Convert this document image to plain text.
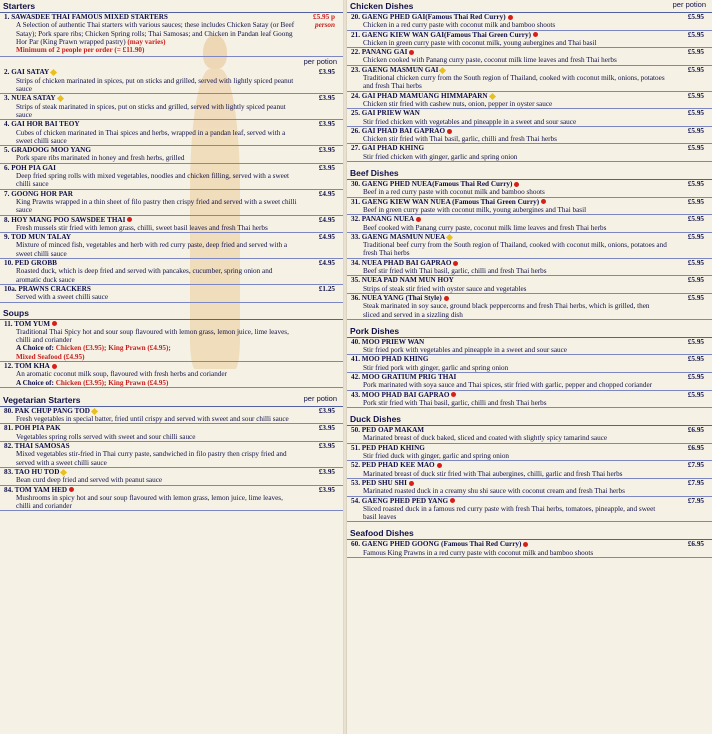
Starters
1. SAWASDEE THAI FAMOUS MIXED STARTERS
A Selection of authentic Thai starters with various sauces; these includes Chicken Satay (or Beef Satay); Pork spare ribs; Chicken Spring rolls; Thai Samosas; and Chicken in Pandan leaf Goong Hor Par (King Prawn wrapped pastry) (may varies)
Minimum of 2 people per order (= £11.90)
£5.95 p
person
per potion
2. GAI SATAY
Strips of chicken marinated in spices, put on sticks and grilled, served with lightly spiced peanut sauce
£3.95
3. NUEA SATAY
Strips of steak marinated in spices, put on sticks and grilled, served with lightly spiced peanut sauce
£3.95
4. GAI HOR BAI TEOY
Cubes of chicken marinated in Thai spices and herbs, wrapped in a pandan leaf, served with a sweet chilli sauce
£3.95
5. GRADOOG MOO YANG
Pork spare ribs marinated in honey and fresh herbs, grilled
£3.95
6. POH PIA GAI
Deep fried spring rolls with mixed vegetables, noodles and chicken filling, served with a sweet chilli sauce
£3.95
7. GOONG HOR PAR
King Prawns wrapped in a thin sheet of filo pastry then crispy fried and served with a sweet chilli sauce
£4.95
8. HOY MANG POO SAWSDEE THAI
Fresh mussels stir fried with lemon grass, chilli, sweet basil leaves and fresh Thai herbs
£4.95
9. TOD MUN TALAY
Mixture of minced fish, vegetables and herb with red curry paste, deep fried and served with a sweet chilli sauce
£4.95
10. PED GROBB
Roasted duck, which is deep fried and served with pancakes, cucumber, spring onion and aromatic duck sauce
£4.95
10a. PRAWNS CRACKERS
Served with a sweet chilli sauce
£1.25
Soups
11. TOM YUM
Traditional Thai Spicy hot and sour soup flavoured with lemon grass, lemon juice, lime leaves, chilli and coriander
A Choice of: Chicken (£3.95); King Prawn (£4.95);
Mixed Seafood (£4.95)
12. TOM KHA
An aromatic coconut milk soup, flavoured with fresh herbs and coriander
A Choice of: Chicken (£3.95); King Prawn (£4.95)
Vegetarian Starters	per potion
80. PAK CHUP PANG TOD
Fresh vegetables in special batter, fried until crispy and served with sweet and sour chilli sauce
£3.95
81. POH PIA PAK
Vegetables spring rolls served with sweet and sour chilli sauce
£3.95
82. THAI SAMOSAS
Mixed vegetables stir-fried in Thai curry paste, sandwiched in filo pastry then crispy fried and served with a sweet chilli sauce
£3.95
83. TAO HU TOD
Bean curd deep fried and served with peanut sauce
£3.95
84. TOM YAM HED
Mushrooms in spicy hot and sour soup flavoured with lemon grass, lemon juice, lime leaves, chilli and coriander
£3.95
Chicken Dishes	per potion
20. GAENG PHED GAI(Famous Thai Red Curry)
Chicken in a red curry paste with coconut milk and bamboo shoots
£5.95
21. GAENG KIEW WAN GAI(Famous Thai Green Curry)
Chicken in green curry paste with coconut milk, young aubergines and Thai basil
£5.95
22. PANANG GAI
Chicken cooked with Panang curry paste, coconut milk lime leaves and fresh Thai herbs
£5.95
23. GAENG MASMUN GAI
Traditional chicken curry from the South region of Thailand, cooked with coconut milk, onions, potatoes and fresh Thai herbs
£5.95
24. GAI PHAD MAMUANG HIMMAPARN
Chicken stir fried with cashew nuts, onion, pepper in oyster sauce
£5.95
25. GAI PRIEW WAN
Stir fried chicken with vegetables and pineapple in a sweet and sour sauce
£5.95
26. GAI PHAD BAI GAPRAO
Chicken stir fried with Thai basil, garlic, chilli and fresh Thai herbs
£5.95
27. GAI PHAD KHING
Stir fried chicken with ginger, garlic and spring onion
£5.95
Beef Dishes
30. GAENG PHED NUEA(Famous Thai Red Curry)
Beef in a red curry paste with coconut milk and bamboo shoots
£5.95
31. GAENG KIEW WAN NUEA (Famous Thai Green Curry)
Beef in green curry paste with coconut milk, young aubergines and Thai basil
£5.95
32. PANANG NUEA
Beef cooked with Panang curry paste, coconut milk lime leaves and fresh Thai herbs
£5.95
33. GAENG MASMUN NUEA
Traditional beef curry from the South region of Thailand, cooked with coconut milk, onions, potatoes and fresh Thai herbs
£5.95
34. NUEA PHAD BAI GAPRAO
Beef stir fried with Thai basil, garlic, chilli and fresh Thai herbs
£5.95
35. NUEA PAD NAM MUN HOY
Strips of steak stir fried with oyster sauce and vegetables
£5.95
36. NUEA YANG (Thai Style)
Steak marinated in soy sauce, ground black peppercorns and fresh Thai herbs, which is grilled, then sliced and served in a sizzling dish
£5.95
Pork Dishes
40. MOO PRIEW WAN
Stir fried pork with vegetables and pineapple in a sweet and sour sauce
£5.95
41. MOO PHAD KHING
Stir fried pork with ginger, garlic and spring onion
£5.95
42. MOO GRATIUM PRIG THAI
Pork marinated with soya sauce and Thai spices, stir fried with garlic, pepper and chopped coriander
£5.95
43. MOO PHAD BAI GAPRAO
Pork stir fried with Thai basil, garlic, chilli and fresh Thai herbs
£5.95
Duck Dishes
50. PED OAP MAKAM
Marinated breast of duck baked, sliced and coated with slightly spicy tamarind sauce
£6.95
51. PED PHAD KHING
Stir fried duck with ginger, garlic and spring onion
£6.95
52. PED PHAD KEE MAO
Marinated breast of duck stir fried with Thai aubergines, chilli, garlic and fresh Thai herbs
£7.95
53. PED SHU SHI
Marinated roasted duck in a creamy shu shi sauce with coconut cream and fresh Thai herbs
£7.95
54. GAENG PHED PED YANG
Sliced roasted duck in a famous red curry paste with fresh Thai herbs, tomatoes, pineapple, and sweet basil leaves
£7.95
Seafood Dishes
60. GAENG PHED GOONG (Famous Thai Red Curry)
Famous King Prawns in a red curry paste with coconut milk and bamboo shoots
£6.95
